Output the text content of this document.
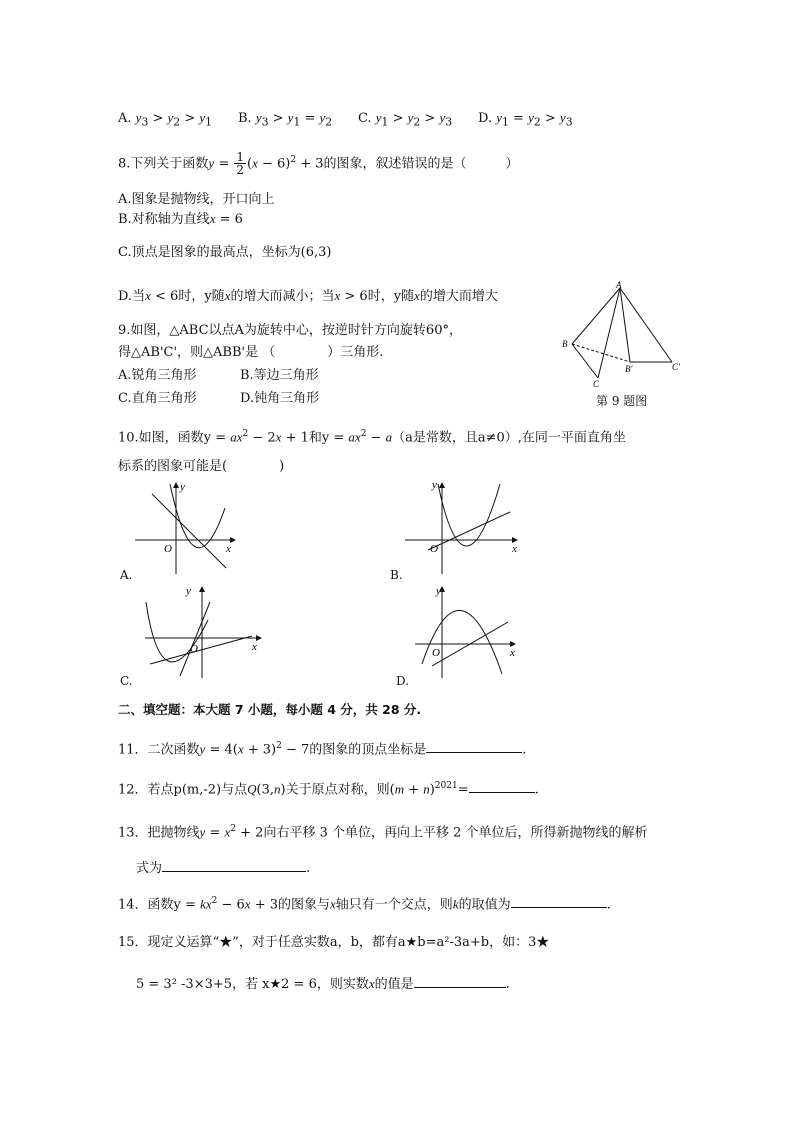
A. $y_3 > y_2 > y_1$ B. $y_3 > y_1 = y_2$ C. $y_1 > y_2 > y_3$ D. $y_1 = y_2 > y_3$
8.下列关于函数$y = \frac{1}{2} (x - 6)^2 + 3$的图象，叙述错误的是（　　　）
A.图象是抛物线，开口向上
B.对称轴为直线x = 6
C.顶点是图象的最高点，坐标为(6,3)
D.当x < 6时，y随x的增大而减小；当x > 6时，y随x的增大而增大
9.如图，△ABC以点A为旋转中心，按逆时针方向旋转60°，
得△AB'C'，则△ABB'是 （　　　　）三角形.
A.锐角三角形	B.等边三角形
C.直角三角形	D.钝角三角形
A
B
C
B'	C'
第 9 题图
10.如图，函数$y = ax^2 - 2x + 1$和$y = ax^2 - a(a$是常数，且a≠0）,在同一平面直角坐
标系的图象可能是(　　　　)
y
x
O
A.
y
x
O
B.
y
x
O
C.
y
x
O
D.
二、填空题：本大题 7 小题，每小题 4 分，共 28 分.
11．二次函数$y = 4(x + 3)^2 - 7$的图象的顶点坐标是	.
12．若点p(m,-2)与点Q(3,n)关于原点对称，则$(m + n)^{2021}=$	.
13．把抛物线$y = x^2 + 2$向右平移 3 个单位，再向上平移 2 个单位后，所得新抛物线的解析
式为	.
14．函数$y = kx^2 - 6x + 3$的图象与x轴只有一个交点，则k的取值为	.
15．现定义运算“★”，对于任意实数a，b，都有a★b=a²-3a+b，如：3★
5 = 3² -3×3+5，若 x★2 = 6，则实数x的值是	.
